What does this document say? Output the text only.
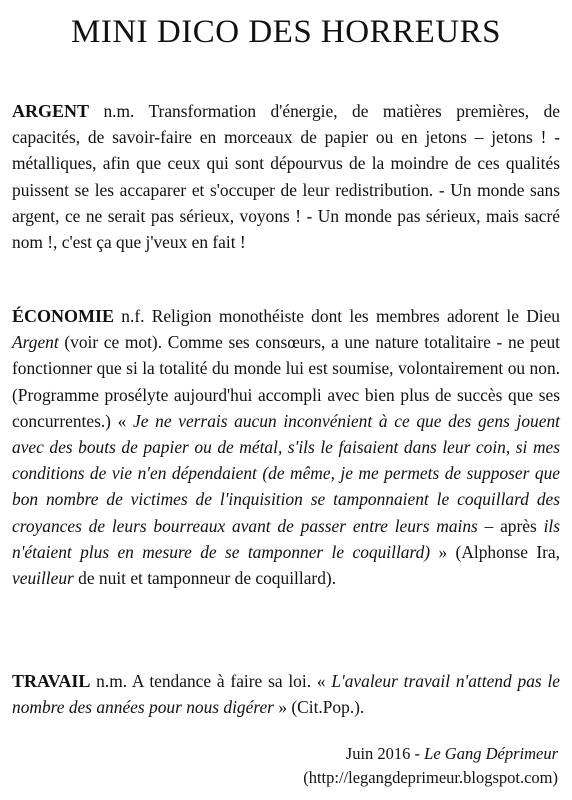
MINI DICO DES HORREURS

ARGENT n.m. Transformation d'énergie, de matières premières, de capacités, de savoir-faire en morceaux de papier ou en jetons – jetons ! - métalliques, afin que ceux qui sont dépourvus de la moindre de ces qualités puissent se les accaparer et s'occuper de leur redistribution. - Un monde sans argent, ce ne serait pas sérieux, voyons ! - Un monde pas sérieux, mais sacré nom !, c'est ça que j'veux en fait !

ÉCONOMIE n.f. Religion monothéiste dont les membres adorent le Dieu Argent (voir ce mot). Comme ses consœurs, a une nature totalitaire - ne peut fonctionner que si la totalité du monde lui est soumise, volontairement ou non. (Programme prosélyte aujourd'hui accompli avec bien plus de succès que ses concurrentes.) « Je ne verrais aucun inconvénient à ce que des gens jouent avec des bouts de papier ou de métal, s'ils le faisaient dans leur coin, si mes conditions de vie n'en dépendaient (de même, je me permets de supposer que bon nombre de victimes de l'inquisition se tamponnaient le coquillard des croyances de leurs bourreaux avant de passer entre leurs mains – après ils n'étaient plus en mesure de se tamponner le coquillard) » (Alphonse Ira, veuilleur de nuit et tamponneur de coquillard).

TRAVAIL n.m. A tendance à faire sa loi. « L'avaleur travail n'attend pas le nombre des années pour nous digérer » (Cit.Pop.).

Juin 2016 - Le Gang Déprimeur
(http://legangdeprimeur.blogspot.com)
